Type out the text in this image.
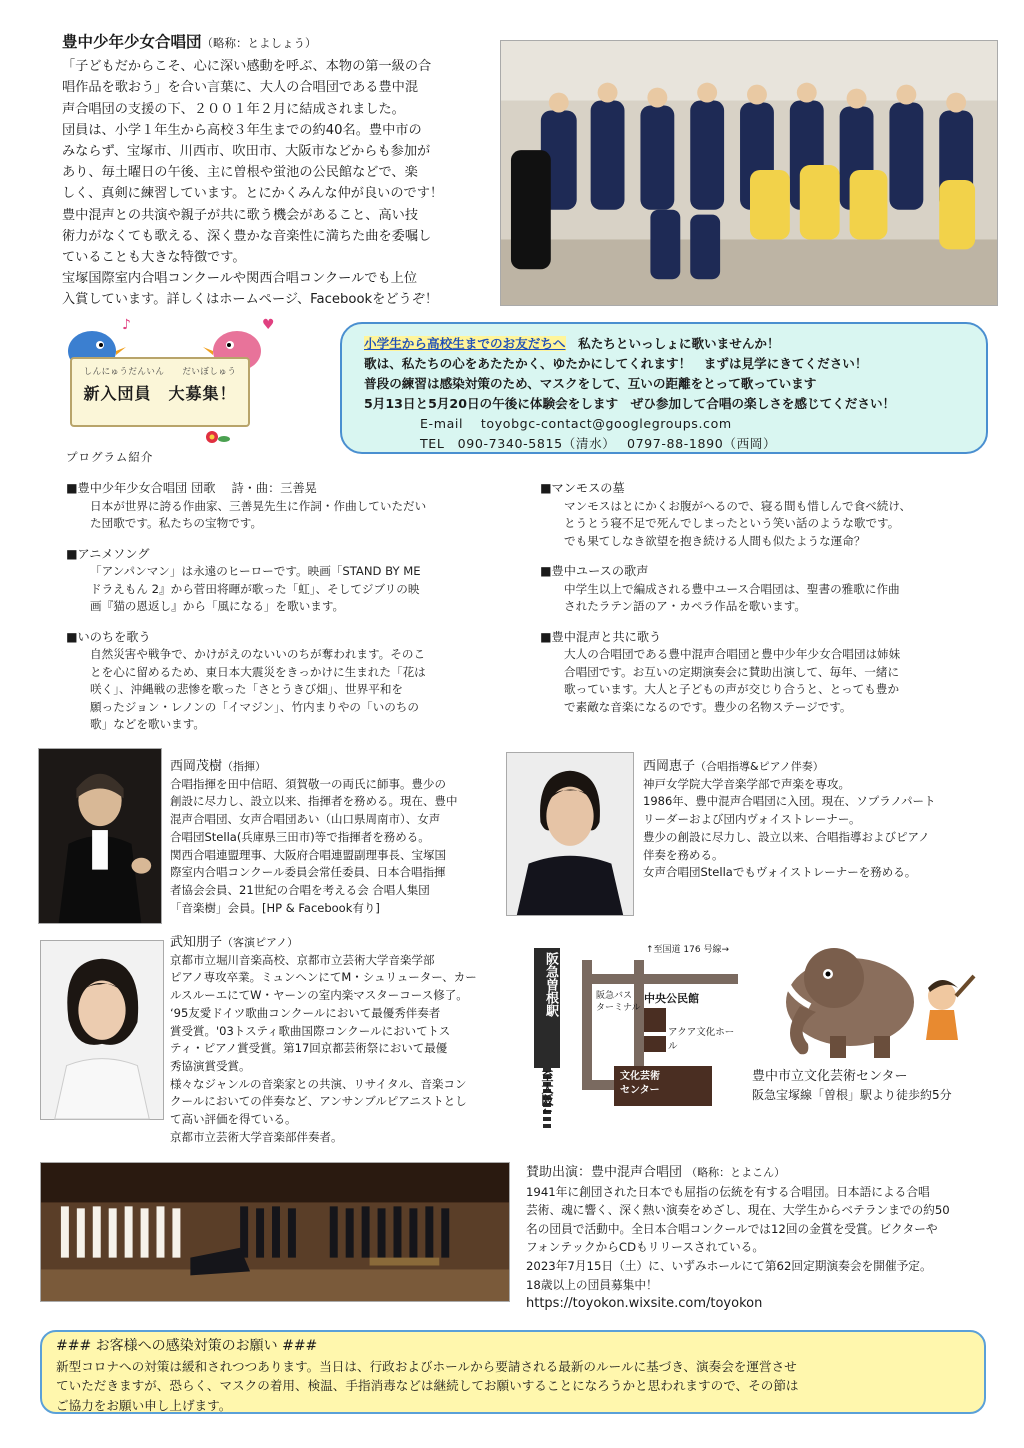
豊中少年少女合唱団（略称：とよしょう）

「子どもだからこそ、心に深い感動を呼ぶ、本物の第一級の合
唱作品を歌おう」を合い言葉に、大人の合唱団である豊中混
声合唱団の支援の下、２００１年２月に結成されました。
団員は、小学１年生から高校３年生までの約40名。豊中市の
みならず、宝塚市、川西市、吹田市、大阪市などからも参加が
あり、毎土曜日の午後、主に曽根や蛍池の公民館などで、楽
しく、真剣に練習しています。とにかくみんな仲が良いのです！
豊中混声との共演や親子が共に歌う機会があること、高い技
術力がなくても歌える、深く豊かな音楽性に満ちた曲を委嘱し
ていることも大きな特徴です。
宝塚国際室内合唱コンクールや関西合唱コンクールでも上位
入賞しています。詳しくはホームページ、Facebookをどうぞ！

♪	♥
しんにゅうだんいん　　だいぼしゅう
新入団員　大募集！
小学生から高校生までのお友だちへ　私たちといっしょに歌いませんか！
歌は、私たちの心をあたたかく、ゆたかにしてくれます！　まずは見学にきてください！
普段の練習は感染対策のため、マスクをして、互いの距離をとって歌っています
5月13日と5月20日の午後に体験会をします　ぜひ参加して合唱の楽しさを感じてください！
E-mail　 toyobgc-contact@googlegroups.com
TEL　090-7340-5815（清水）　 0797-88-1890（西岡）
プログラム紹介
■豊中少年少女合唱団 団歌　 詩・曲：三善晃

日本が世界に誇る作曲家、三善晃先生に作詞・作曲していただい
た団歌です。私たちの宝物です。

■アニメソング

「アンパンマン」は永遠のヒーローです。映画「STAND BY ME
ドラえもん 2』から菅田将暉が歌った「虹」、そしてジブリの映
画『猫の恩返し』から「風になる」を歌います。

■いのちを歌う

自然災害や戦争で、かけがえのないいのちが奪われます。そのこ
とを心に留めるため、東日本大震災をきっかけに生まれた「花は
咲く」、沖縄戦の悲惨を歌った「さとうきび畑」、世界平和を
願ったジョン・レノンの「イマジン」、竹内まりやの「いのちの
歌」などを歌います。

■マンモスの墓

マンモスはとにかくお腹がへるので、寝る間も惜しんで食べ続け、
とうとう寝不足で死んでしまったという笑い話のような歌です。
でも果てしなき欲望を抱き続ける人間も似たような運命？

■豊中ユースの歌声

中学生以上で編成される豊中ユース合唱団は、聖書の雅歌に作曲
されたラテン語のア・カペラ作品を歌います。

■豊中混声と共に歌う

大人の合唱団である豊中混声合唱団と豊中少年少女合唱団は姉妹
合唱団です。お互いの定期演奏会に賛助出演して、毎年、一緒に
歌っています。大人と子どもの声が交じり合うと、とっても豊か
で素敵な音楽になるのです。豊少の名物ステージです。

西岡茂樹（指揮）

合唱指揮を田中信昭、須賀敬一の両氏に師事。豊少の
創設に尽力し、設立以来、指揮者を務める。現在、豊中
混声合唱団、女声合唱団あい（山口県周南市）、女声
合唱団Stella(兵庫県三田市)等で指揮者を務める。
関西合唱連盟理事、大阪府合唱連盟副理事長、宝塚国
際室内合唱コンクール委員会常任委員、日本合唱指揮
者協会会員、21世紀の合唱を考える会 合唱人集団
「音楽樹」会員。[HP & Facebook有り]

西岡恵子（合唱指導&ピアノ伴奏）

神戸女学院大学音楽学部で声楽を専攻。
1986年、豊中混声合唱団に入団。現在、ソプラノパート
リーダーおよび団内ヴォイストレーナー。
豊少の創設に尽力し、設立以来、合唱指導およびピアノ
伴奏を務める。
女声合唱団Stellaでもヴォイストレーナーを務める。

武知朋子（客演ピアノ）

京都市立堀川音楽高校、京都市立芸術大学音楽学部
ピアノ専攻卒業。ミュンヘンにてM・シュリューター、カー
ルスルーエにてW・ヤーンの室内楽マスターコース修了。
‘95友愛ドイツ歌曲コンクールにおいて最優秀伴奏者
賞受賞。'03トスティ歌曲国際コンクールにおいてトス
ティ・ピアノ賞受賞。第17回京都芸術祭において最優
秀協演賞受賞。
様々なジャンルの音楽家との共演、リサイタル、音楽コン
クールにおいての伴奏など、アンサンブルピアニストとし
て高い評価を得ている。
京都市立芸術大学音楽部伴奏者。

↑至国道 176 号線→
阪急曽根駅	阪急バス
ターミナル
中央公民館
アクア文化ホール
文化芸術
センター
至大阪↓	豊中市立文化芸術センター
阪急宝塚線「曽根」駅より徒歩約5分
賛助出演：豊中混声合唱団 （略称：とよこん）

1941年に創団された日本でも屈指の伝統を有する合唱団。日本語による合唱
芸術、魂に響く、深く熱い演奏をめざし、現在、大学生からベテランまでの約50
名の団員で活動中。全日本合唱コンクールでは12回の金賞を受賞。ビクターや
フォンテックからCDもリリースされている。
2023年7月15日（土）に、いずみホールにて第62回定期演奏会を開催予定。
18歳以上の団員募集中！

https://toyokon.wixsite.com/toyokon
### お客様への感染対策のお願い ###

新型コロナへの対策は緩和されつつあります。当日は、行政およびホールから要請される最新のルールに基づき、演奏会を運営させ
ていただきますが、恐らく、マスクの着用、検温、手指消毒などは継続してお願いすることになろうかと思われますので、その節は
ご協力をお願い申し上げます。
